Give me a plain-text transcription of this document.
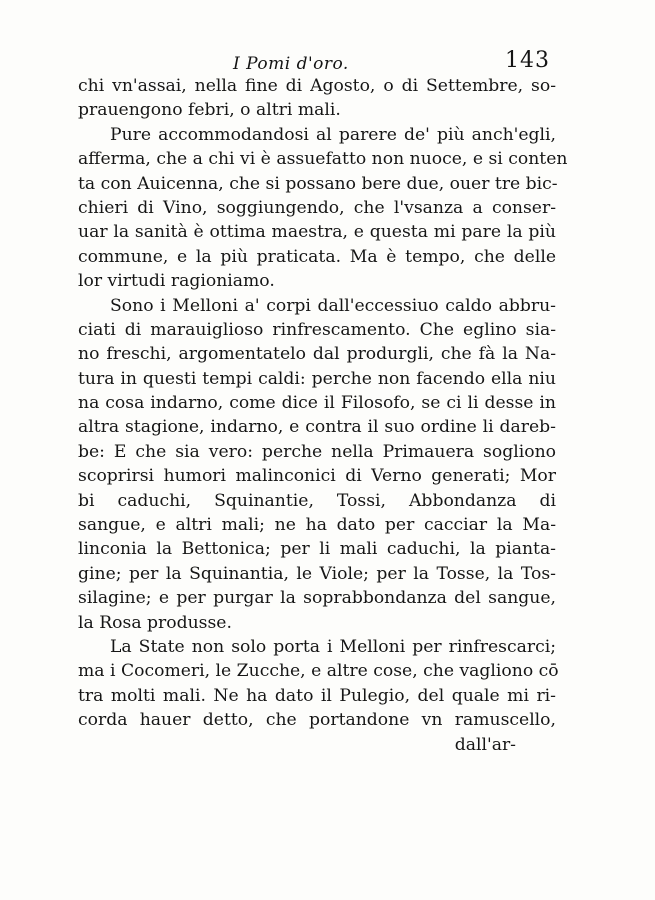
I Pomi d'oro.	143
chi vn'assai, nella fine di Agosto, o di Settembre, so-
prauengono febri, o altri mali.
Pure accommodandosi al parere de' più anch'egli,
afferma, che a chi vi è assuefatto non nuoce, e si conten
ta con Auicenna, che si possano bere due, ouer tre bic-
chieri di Vino, soggiungendo, che l'vsanza a conser-
uar la sanità è ottima maestra, e questa mi pare la più
commune, e la più praticata. Ma è tempo, che delle
lor virtudi ragioniamo.
Sono i Melloni a' corpi dall'eccessiuo caldo abbru-
ciati di marauiglioso rinfrescamento. Che eglino sia-
no freschi, argomentatelo dal produrgli, che fà la Na-
tura in questi tempi caldi: perche non facendo ella niu
na cosa indarno, come dice il Filosofo, se ci li desse in
altra stagione, indarno, e contra il suo ordine li dareb-
be: E che sia vero: perche nella Primauera sogliono
scoprirsi humori malinconici di Verno generati; Mor
bi caduchi, Squinantie, Tossi, Abbondanza di
sangue, e altri mali; ne ha dato per cacciar la Ma-
linconia la Bettonica; per li mali caduchi, la pianta-
gine; per la Squinantia, le Viole; per la Tosse, la Tos-
silagine; e per purgar la soprabbondanza del sangue,
la Rosa produsse.
La State non solo porta i Melloni per rinfrescarci;
ma i Cocomeri, le Zucche, e altre cose, che vagliono cō
tra molti mali. Ne ha dato il Pulegio, del quale mi ri-
corda hauer detto, che portandone vn ramuscello,
dall'ar-
